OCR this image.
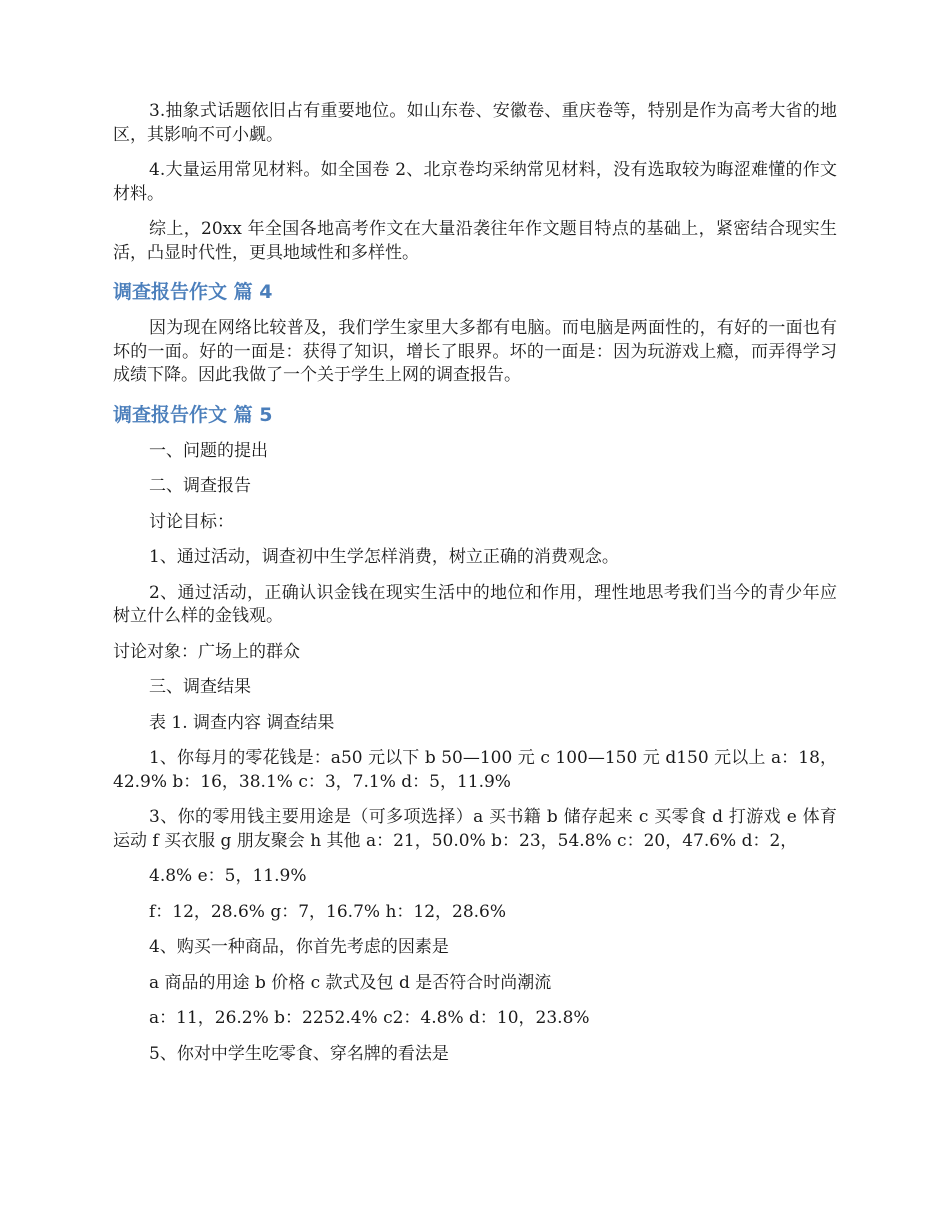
3.抽象式话题依旧占有重要地位。如山东卷、安徽卷、重庆卷等，特别是作为高考大省的地区，其影响不可小觑。

4.大量运用常见材料。如全国卷 2、北京卷均采纳常见材料，没有选取较为晦涩难懂的作文材料。

综上，20xx 年全国各地高考作文在大量沿袭往年作文题目特点的基础上，紧密结合现实生活，凸显时代性，更具地域性和多样性。

调查报告作文 篇 4

因为现在网络比较普及，我们学生家里大多都有电脑。而电脑是两面性的，有好的一面也有坏的一面。好的一面是：获得了知识，增长了眼界。坏的一面是：因为玩游戏上瘾，而弄得学习成绩下降。因此我做了一个关于学生上网的调查报告。

调查报告作文 篇 5

一、问题的提出

二、调查报告

讨论目标：

1、通过活动，调查初中生学怎样消费，树立正确的消费观念。

2、通过活动，正确认识金钱在现实生活中的地位和作用，理性地思考我们当今的青少年应树立什么样的金钱观。

讨论对象：广场上的群众

三、调查结果

表 1. 调查内容 调查结果

1、你每月的零花钱是：a50 元以下 b 50—100 元 c 100—150 元 d150 元以上 a：18，42.9% b：16，38.1% c：3，7.1% d：5，11.9%

3、你的零用钱主要用途是（可多项选择）a 买书籍 b 储存起来 c 买零食 d 打游戏 e 体育运动 f 买衣服 g 朋友聚会 h 其他 a：21，50.0% b：23，54.8% c：20，47.6% d：2，

4.8% e：5，11.9%

f：12，28.6% g：7，16.7% h：12，28.6%

4、购买一种商品，你首先考虑的因素是

a 商品的用途 b 价格 c 款式及包 d 是否符合时尚潮流

a：11，26.2% b：2252.4% c2：4.8% d：10，23.8%

5、你对中学生吃零食、穿名牌的看法是
